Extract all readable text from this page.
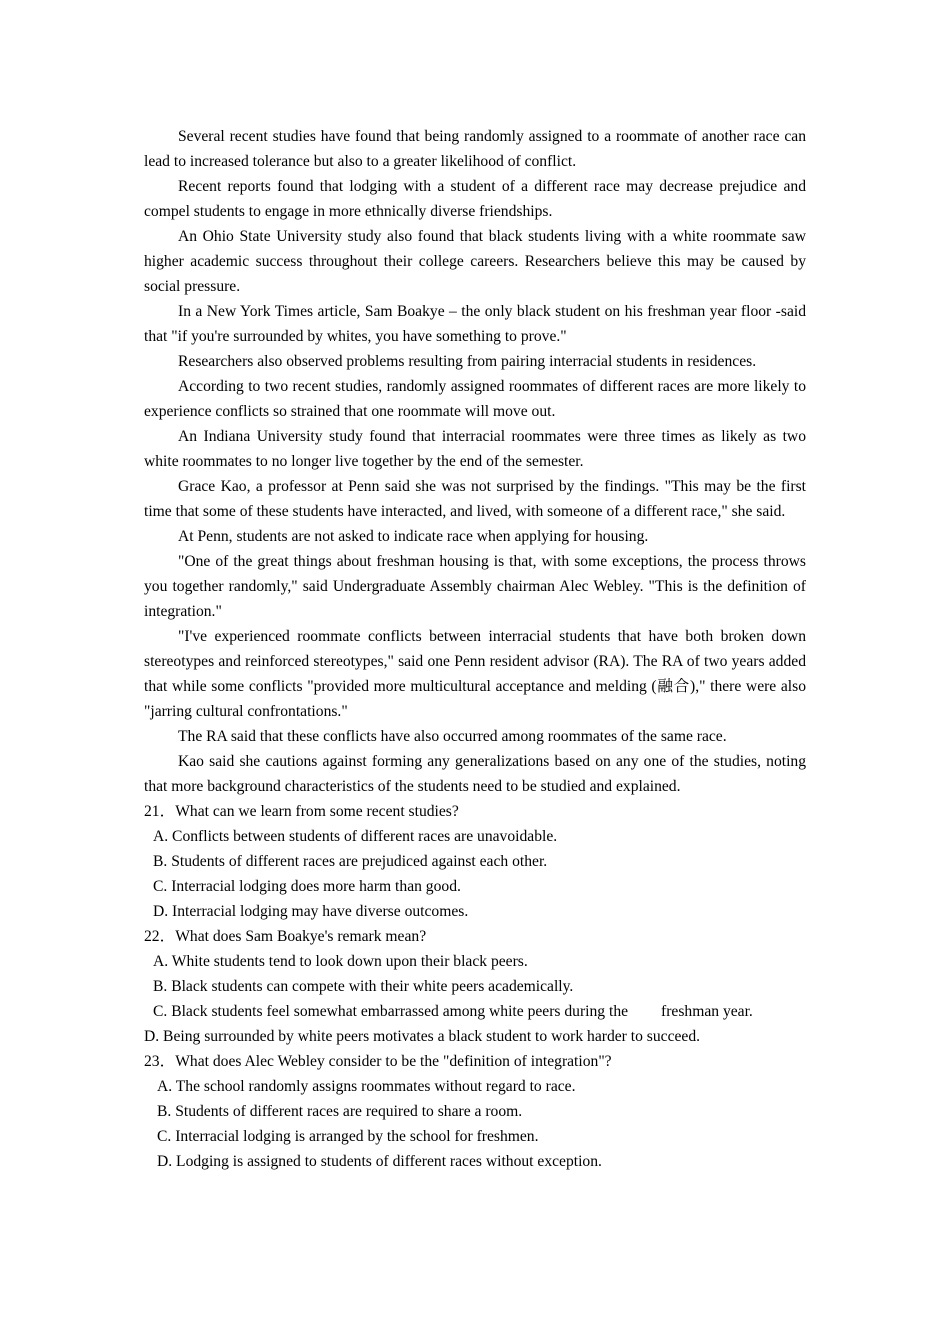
Several recent studies have found that being randomly assigned to a roommate of another race can lead to increased tolerance but also to a greater likelihood of conflict.

Recent reports found that lodging with a student of a different race may decrease prejudice and compel students to engage in more ethnically diverse friendships.

An Ohio State University study also found that black students living with a white roommate saw higher academic success throughout their college careers. Researchers believe this may be caused by social pressure.

In a New York Times article, Sam Boakye – the only black student on his freshman year floor -said that "if you're surrounded by whites, you have something to prove."

Researchers also observed problems resulting from pairing interracial students in residences.

According to two recent studies, randomly assigned roommates of different races are more likely to experience conflicts so strained that one roommate will move out.

An Indiana University study found that interracial roommates were three times as likely as two white roommates to no longer live together by the end of the semester.

Grace Kao, a professor at Penn said she was not surprised by the findings. "This may be the first time that some of these students have interacted, and lived, with someone of a different race," she said.

At Penn, students are not asked to indicate race when applying for housing.

"One of the great things about freshman housing is that, with some exceptions, the process throws you together randomly," said Undergraduate Assembly chairman Alec Webley. "This is the definition of integration."

"I've experienced roommate conflicts between interracial students that have both broken down stereotypes and reinforced stereotypes," said one Penn resident advisor (RA). The RA of two years added that while some conflicts "provided more multicultural acceptance and melding (融合)," there were also "jarring cultural confrontations."

The RA said that these conflicts have also occurred among roommates of the same race.

Kao said she cautions against forming any generalizations based on any one of the studies, noting that more background characteristics of the students need to be studied and explained.

21．What can we learn from some recent studies?

A. Conflicts between students of different races are unavoidable.

B. Students of different races are prejudiced against each other.

C. Interracial lodging does more harm than good.

D. Interracial lodging may have diverse outcomes.

22．What does Sam Boakye's remark mean?

A. White students tend to look down upon their black peers.

B. Black students can compete with their white peers academically.

C. Black students feel somewhat embarrassed among white peers during the freshman year.

D. Being surrounded by white peers motivates a black student to work harder to succeed.

23．What does Alec Webley consider to be the "definition of integration"?

A. The school randomly assigns roommates without regard to race.

B. Students of different races are required to share a room.

C. Interracial lodging is arranged by the school for freshmen.

D. Lodging is assigned to students of different races without exception.
